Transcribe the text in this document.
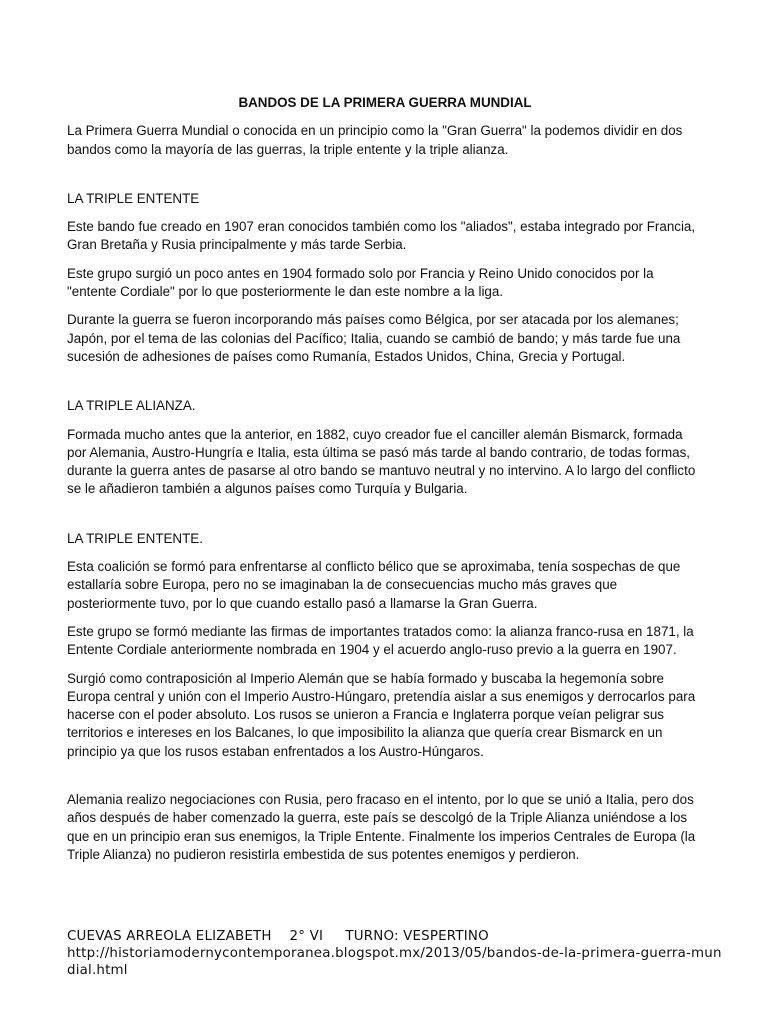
BANDOS DE LA PRIMERA GUERRA MUNDIAL
La Primera Guerra Mundial o conocida en un principio como la "Gran Guerra" la podemos dividir en dos bandos como la mayoría de las guerras, la triple entente y la triple alianza.
LA TRIPLE ENTENTE
Este bando fue creado en 1907 eran conocidos también como los "aliados", estaba integrado por Francia, Gran Bretaña y Rusia principalmente y más tarde Serbia.
Este grupo surgió un poco antes en 1904 formado solo por Francia y Reino Unido conocidos por la "entente Cordiale" por lo que posteriormente le dan este nombre a la liga.
Durante la guerra se fueron incorporando más países como Bélgica, por ser atacada por los alemanes; Japón, por el tema de las colonias del Pacífico; Italia, cuando se cambió de bando; y más tarde fue una sucesión de adhesiones de países como Rumanía, Estados Unidos, China, Grecia y Portugal.
LA TRIPLE ALIANZA.
Formada mucho antes que la anterior, en 1882, cuyo creador fue el canciller alemán Bismarck, formada por Alemania, Austro-Hungría e Italia, esta última se pasó más tarde al bando contrario, de todas formas, durante la guerra antes de pasarse al otro bando se mantuvo neutral y no intervino. A lo largo del conflicto se le añadieron también a algunos países como Turquía y Bulgaria.
LA TRIPLE ENTENTE.
Esta coalición se formó para enfrentarse al conflicto bélico que se aproximaba, tenía sospechas de que estallaría sobre Europa, pero no se imaginaban la de consecuencias mucho más graves que posteriormente tuvo, por lo que cuando estallo pasó a llamarse la Gran Guerra.
Este grupo se formó mediante las firmas de importantes tratados como: la alianza franco-rusa en 1871, la Entente Cordiale anteriormente nombrada en 1904 y el acuerdo anglo-ruso previo a la guerra en 1907.
Surgió como contraposición al Imperio Alemán que se había formado y buscaba la hegemonía sobre Europa central y unión con el Imperio Austro-Húngaro, pretendía aislar a sus enemigos y derrocarlos para hacerse con el poder absoluto. Los rusos se unieron a Francia e Inglaterra porque veían peligrar sus territorios e intereses en los Balcanes, lo que imposibilito la alianza que quería crear Bismarck en un principio ya que los rusos estaban enfrentados a los Austro-Húngaros.
Alemania realizo negociaciones con Rusia, pero fracaso en el intento, por lo que se unió a Italia, pero dos años después de haber comenzado la guerra, este país se descolgó de la Triple Alianza uniéndose a los que en un principio eran sus enemigos, la Triple Entente. Finalmente los imperios Centrales de Europa (la Triple Alianza) no pudieron resistirla embestida de sus potentes enemigos y perdieron.
CUEVAS ARREOLA ELIZABETH    2° VI     TURNO: VESPERTINO
http://historiamodernycontemporanea.blogspot.mx/2013/05/bandos-de-la-primera-guerra-mundial.html
